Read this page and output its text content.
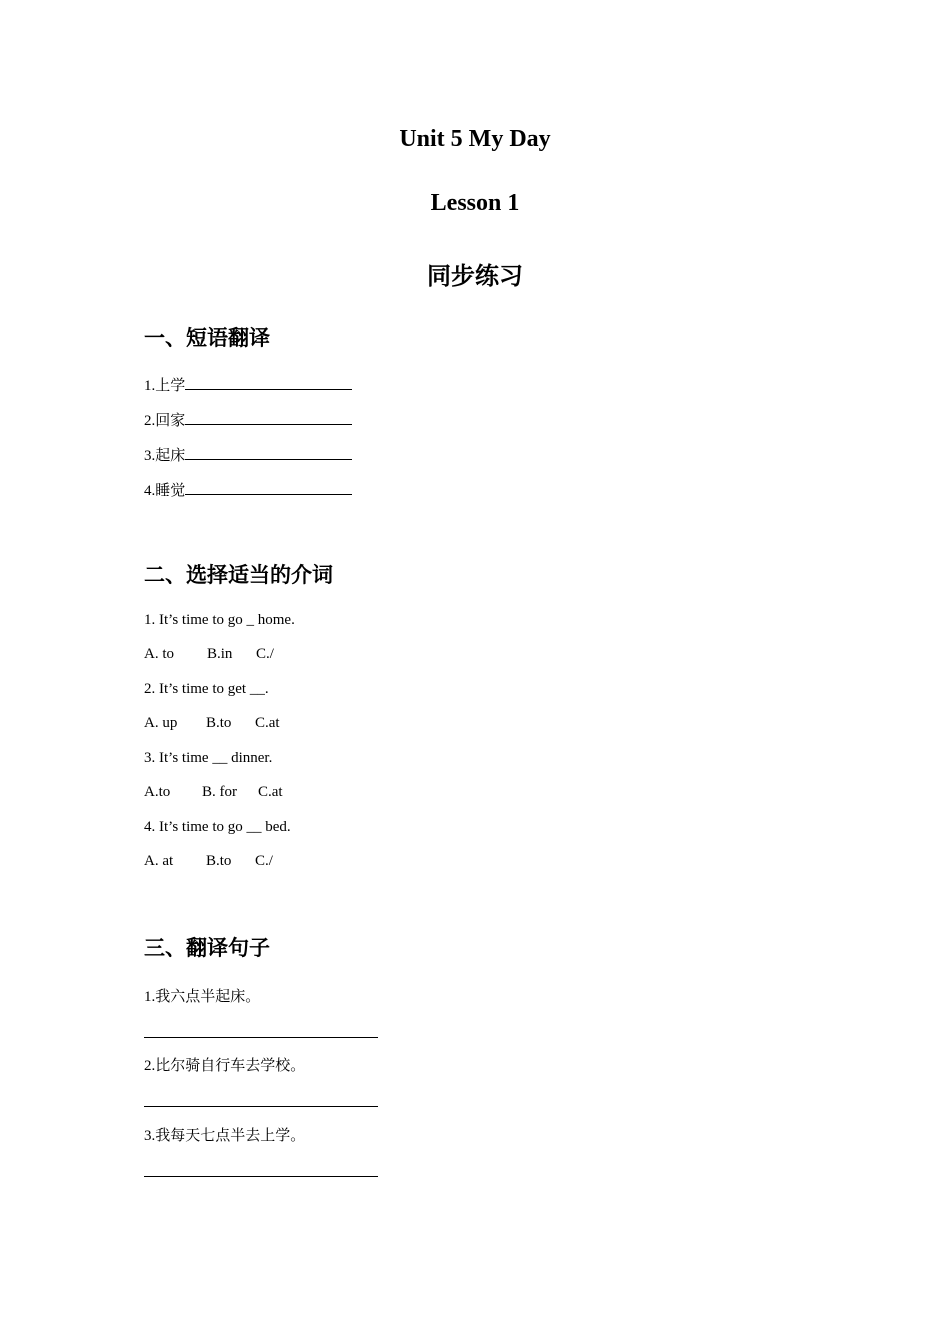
Unit 5 My Day
Lesson 1
同步练习
一、短语翻译
1.上学
2.回家
3.起床
4.睡觉
二、选择适当的介词
1. It’s time to go _ home.
A. to B.in C./
2. It’s time to get __.
A. up B.to C.at
3. It’s time __ dinner.
A.to B. for C.at
4. It’s time to go __ bed.
A. at B.to C./
三、翻译句子
1.我六点半起床。
2.比尔骑自行车去学校。
3.我每天七点半去上学。
